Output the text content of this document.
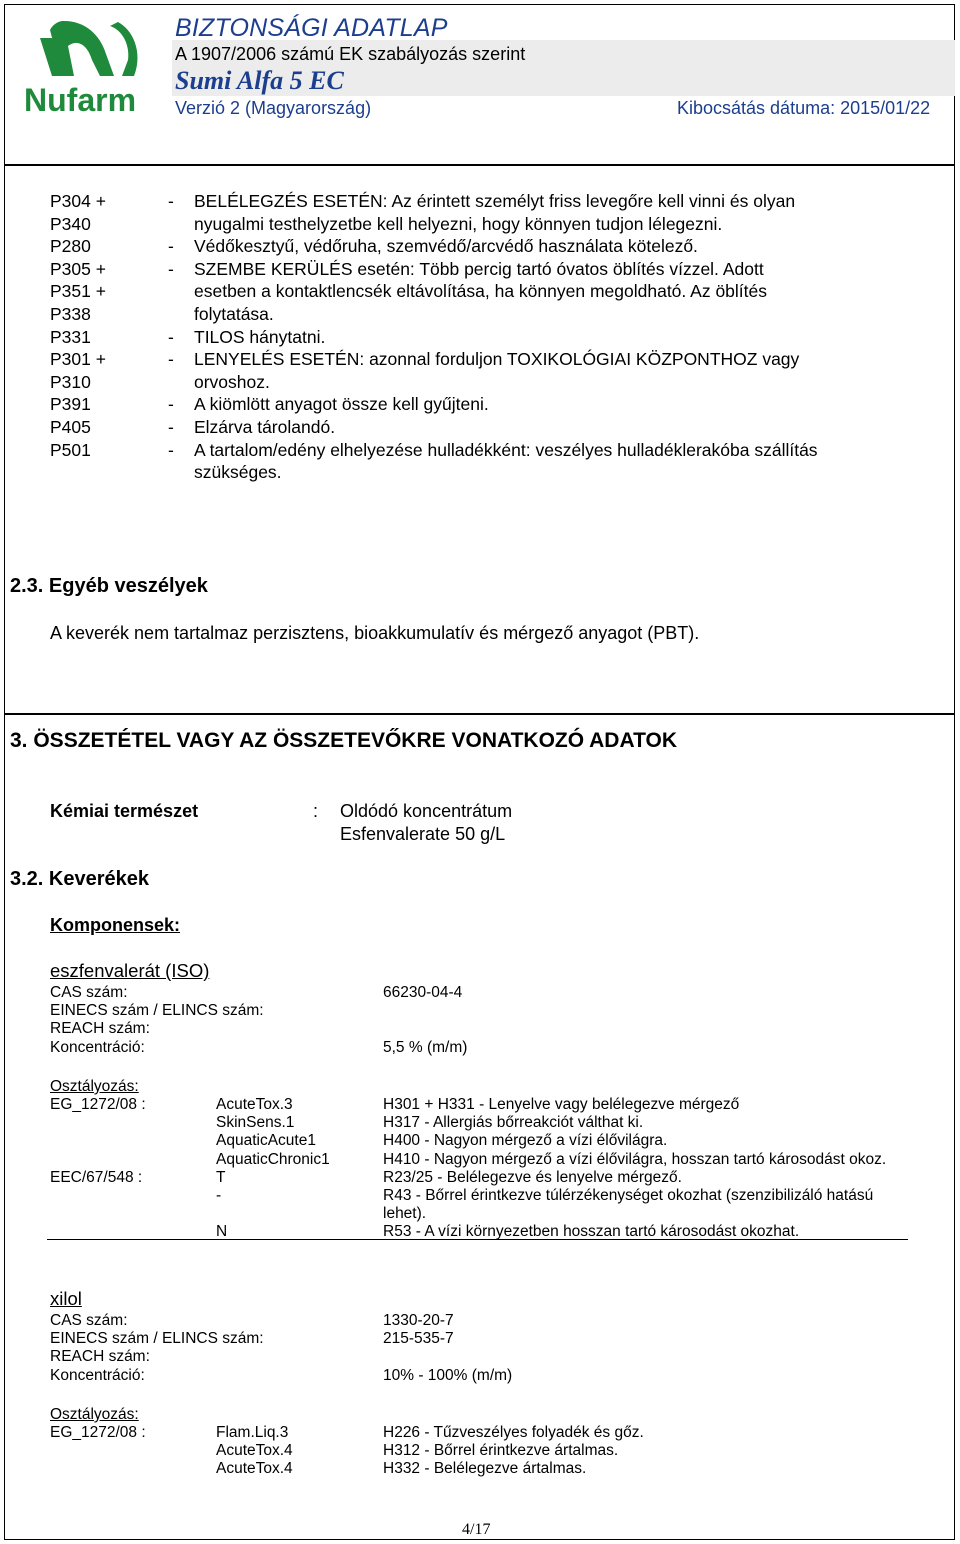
Nufarm
BIZTONSÁGI ADATLAP
A 1907/2006 számú EK szabályozás szerint
Sumi Alfa 5 EC
Verzió 2 (Magyarország)	Kibocsátás dátuma: 2015/01/22
P304 +	- BELÉLEGZÉS ESETÉN: Az érintett személyt friss levegőre kell vinni és olyan
P340	nyugalmi testhelyzetbe kell helyezni, hogy könnyen tudjon lélegezni.
P280	- Védőkesztyű, védőruha, szemvédő/arcvédő használata kötelező.
P305 +	- SZEMBE KERÜLÉS esetén: Több percig tartó óvatos öblítés vízzel. Adott
P351 +	esetben a kontaktlencsék eltávolítása, ha könnyen megoldható. Az öblítés
P338	folytatása.
P331	- TILOS hánytatni.
P301 +	- LENYELÉS ESETÉN: azonnal forduljon TOXIKOLÓGIAI KÖZPONTHOZ vagy
P310	orvoshoz.
P391	- A kiömlött anyagot össze kell gyűjteni.
P405	- Elzárva tárolandó.
P501	- A tartalom/edény elhelyezése hulladékként: veszélyes hulladéklerakóba szállítás
szükséges.
2.3. Egyéb veszélyek
A keverék nem tartalmaz perzisztens, bioakkumulatív és mérgező anyagot (PBT).
3. ÖSSZETÉTEL VAGY AZ ÖSSZETEVŐKRE VONATKOZÓ ADATOK
Kémiai természet	: Oldódó koncentrátum
Esfenvalerate 50 g/L
3.2. Keverékek
Komponensek:
eszfenvalerát (ISO)
CAS szám:	66230-04-4
EINECS szám / ELINCS szám:
REACH szám:
Koncentráció:	5,5 % (m/m)
Osztályozás:
EG_1272/08 :	AcuteTox.3	H301 + H331 - Lenyelve vagy belélegezve mérgező
SkinSens.1	H317 - Allergiás bőrreakciót válthat ki.
AquaticAcute1	H400 - Nagyon mérgező a vízi élővilágra.
AquaticChronic1	H410 - Nagyon mérgező a vízi élővilágra, hosszan tartó károsodást okoz.
EEC/67/548 :	T	R23/25 - Belélegezve és lenyelve mérgező.
-	R43 - Bőrrel érintkezve túlérzékenységet okozhat (szenzibilizáló hatású
lehet).
N	R53 - A vízi környezetben hosszan tartó károsodást okozhat.
xilol
CAS szám:	1330-20-7
EINECS szám / ELINCS szám:	215-535-7
REACH szám:
Koncentráció:	10% - 100% (m/m)
Osztályozás:
EG_1272/08 :	Flam.Liq.3	H226 - Tűzveszélyes folyadék és gőz.
AcuteTox.4	H312 - Bőrrel érintkezve ártalmas.
AcuteTox.4	H332 - Belélegezve ártalmas.
4/17
